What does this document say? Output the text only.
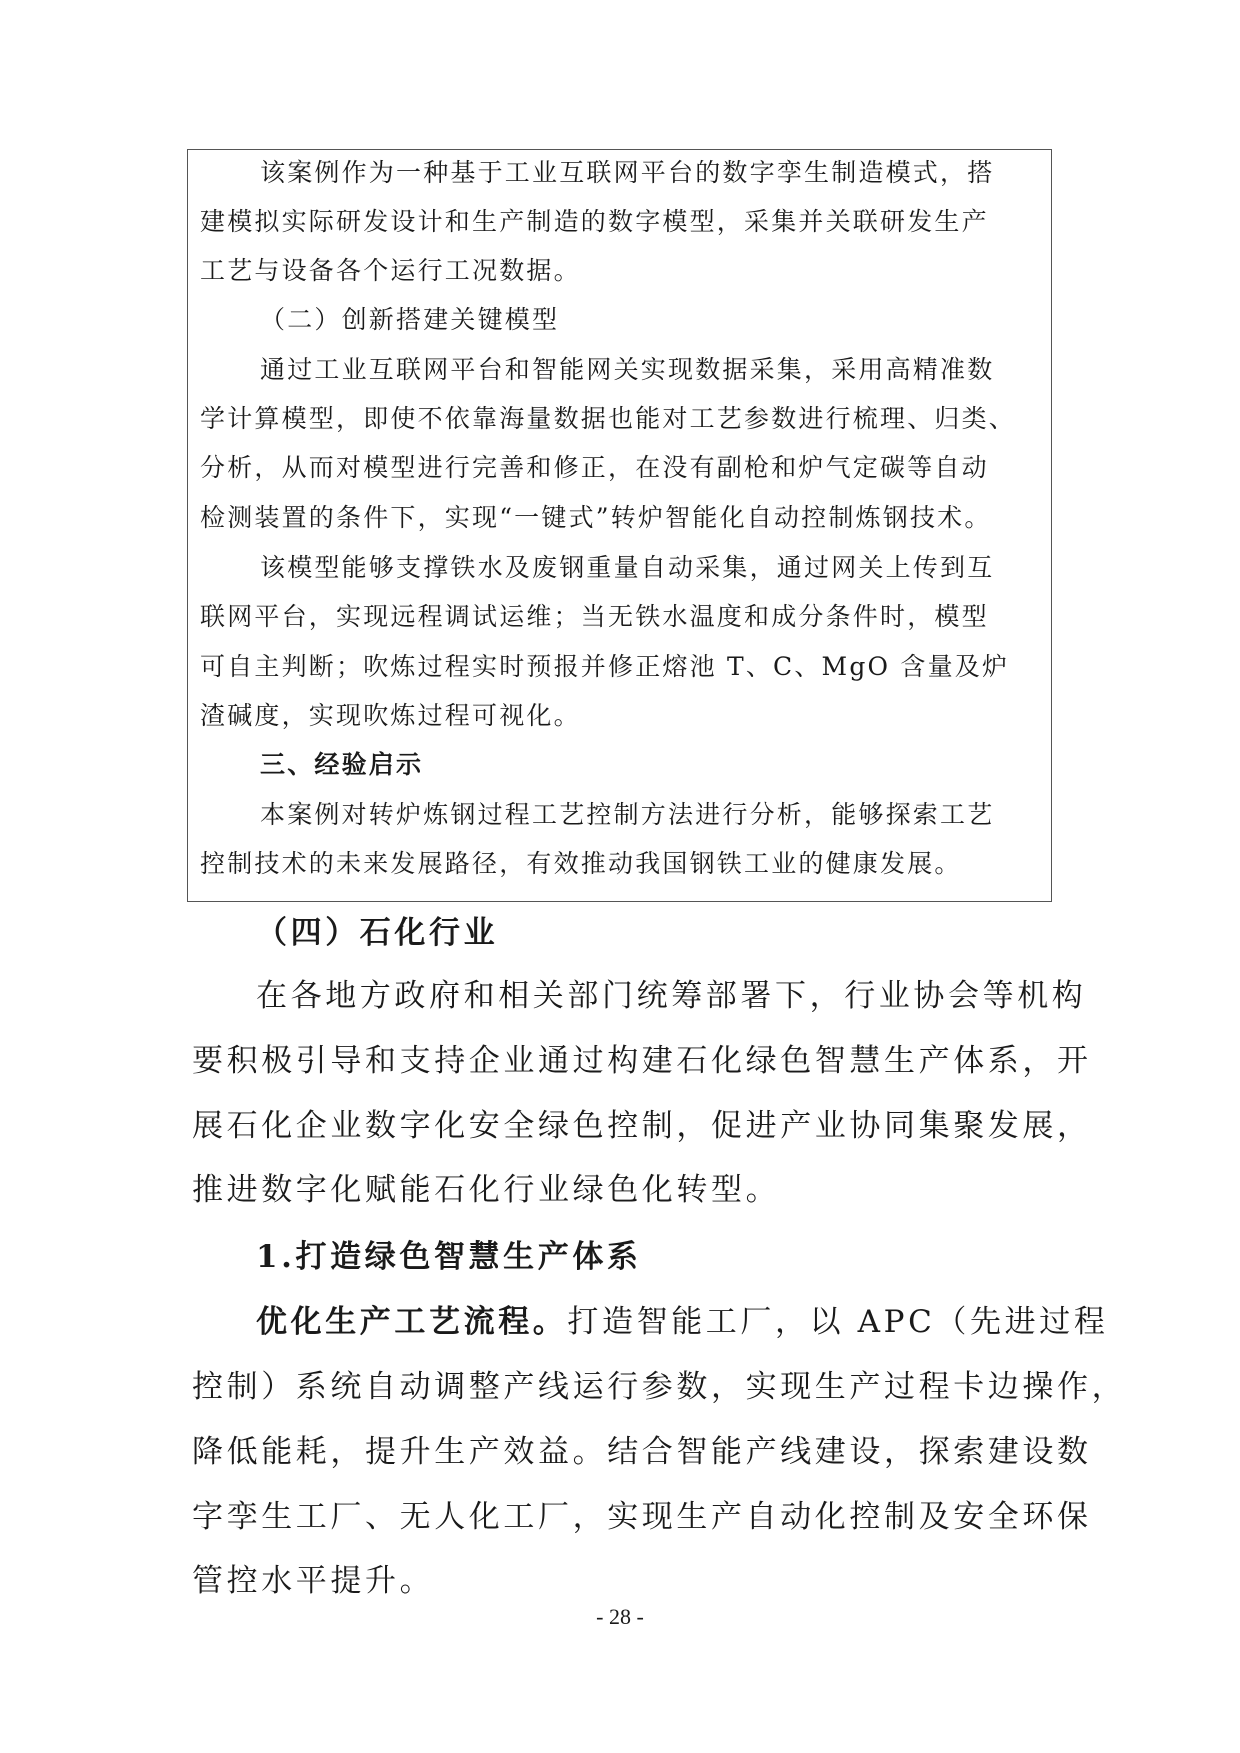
该案例作为一种基于工业互联网平台的数字孪生制造模式，搭
建模拟实际研发设计和生产制造的数字模型，采集并关联研发生产
工艺与设备各个运行工况数据。
（二）创新搭建关键模型
通过工业互联网平台和智能网关实现数据采集，采用高精准数
学计算模型，即使不依靠海量数据也能对工艺参数进行梳理、归类、
分析，从而对模型进行完善和修正，在没有副枪和炉气定碳等自动
检测装置的条件下，实现“一键式”转炉智能化自动控制炼钢技术。
该模型能够支撑铁水及废钢重量自动采集，通过网关上传到互
联网平台，实现远程调试运维；当无铁水温度和成分条件时，模型
可自主判断；吹炼过程实时预报并修正熔池 T、C、MgO 含量及炉
渣碱度，实现吹炼过程可视化。
三、经验启示
本案例对转炉炼钢过程工艺控制方法进行分析，能够探索工艺
控制技术的未来发展路径，有效推动我国钢铁工业的健康发展。
（四）石化行业
在各地方政府和相关部门统筹部署下，行业协会等机构
要积极引导和支持企业通过构建石化绿色智慧生产体系，开
展石化企业数字化安全绿色控制，促进产业协同集聚发展，
推进数字化赋能石化行业绿色化转型。
1.打造绿色智慧生产体系
优化生产工艺流程。打造智能工厂，以 APC（先进过程
控制）系统自动调整产线运行参数，实现生产过程卡边操作，
降低能耗，提升生产效益。结合智能产线建设，探索建设数
字孪生工厂、无人化工厂，实现生产自动化控制及安全环保
管控水平提升。
- 28 -
